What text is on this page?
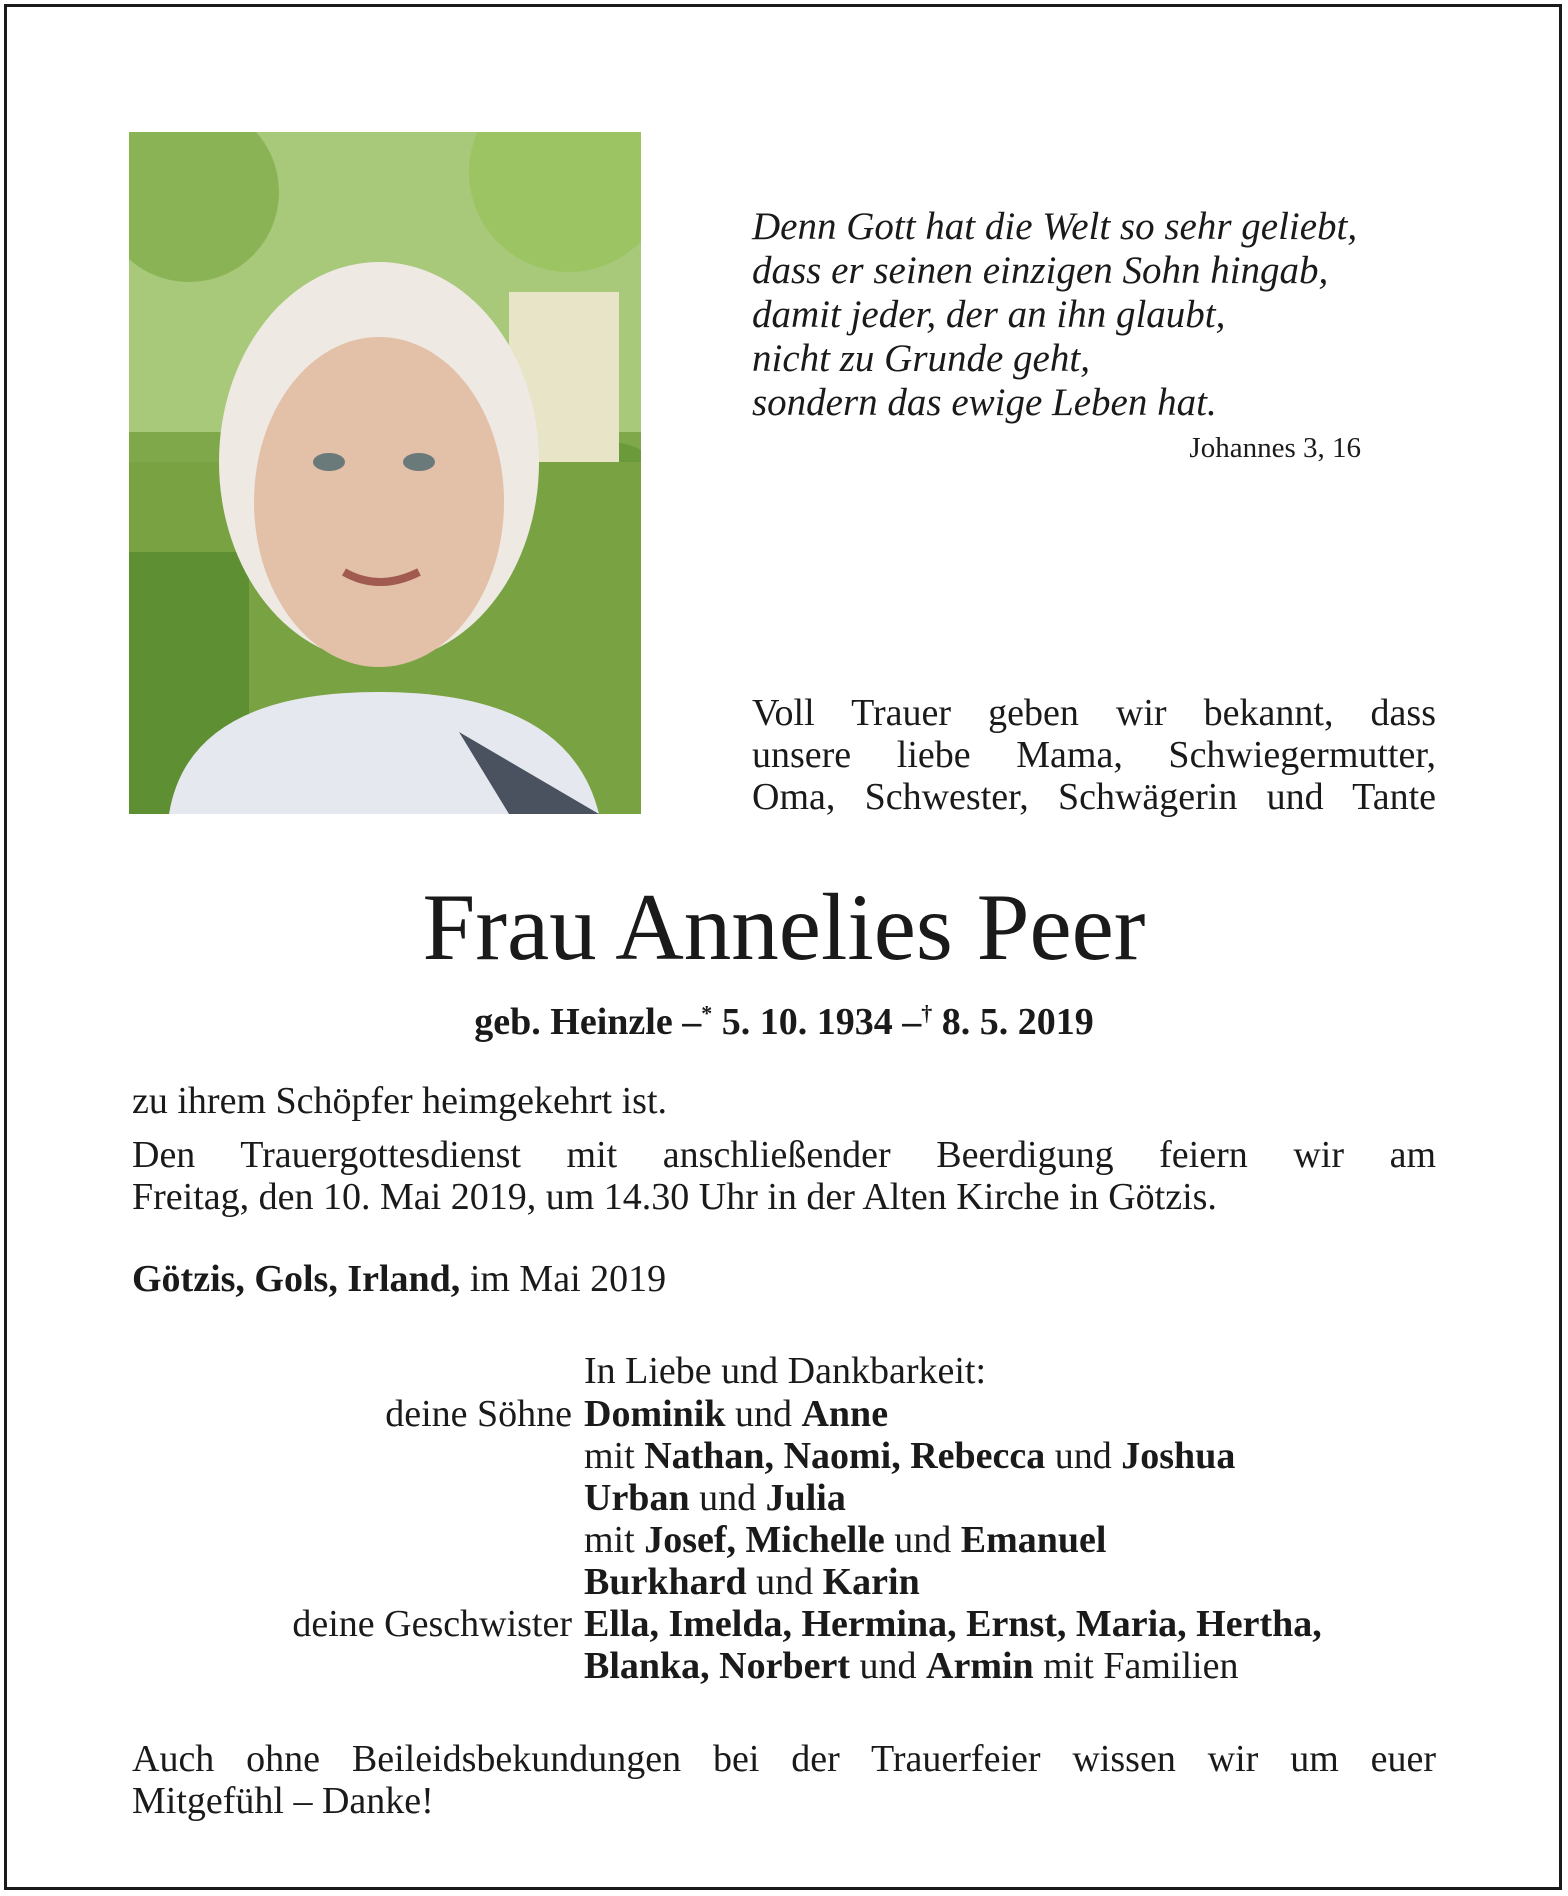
Denn Gott hat die Welt so sehr geliebt,
dass er seinen einzigen Sohn hingab,
damit jeder, der an ihn glaubt,
nicht zu Grunde geht,
sondern das ewige Leben hat.
Johannes 3, 16
Voll Trauer geben wir bekannt, dass
unsere liebe Mama, Schwiegermutter,
Oma, Schwester, Schwägerin und Tante
Frau Annelies Peer
geb. Heinzle –* 5. 10. 1934 –† 8. 5. 2019
zu ihrem Schöpfer heimgekehrt ist.
Den Trauergottesdienst mit anschließender Beerdigung feiern wir am
Freitag, den 10. Mai 2019, um 14.30 Uhr in der Alten Kirche in Götzis.
Götzis, Gols, Irland, im Mai 2019
In Liebe und Dankbarkeit:
deine Söhne Dominik und Anne
mit Nathan, Naomi, Rebecca und Joshua
Urban und Julia
mit Josef, Michelle und Emanuel
Burkhard und Karin
deine Geschwister Ella, Imelda, Hermina, Ernst, Maria, Hertha,
Blanka, Norbert und Armin mit Familien
Auch ohne Beileidsbekundungen bei der Trauerfeier wissen wir um euer
Mitgefühl – Danke!
